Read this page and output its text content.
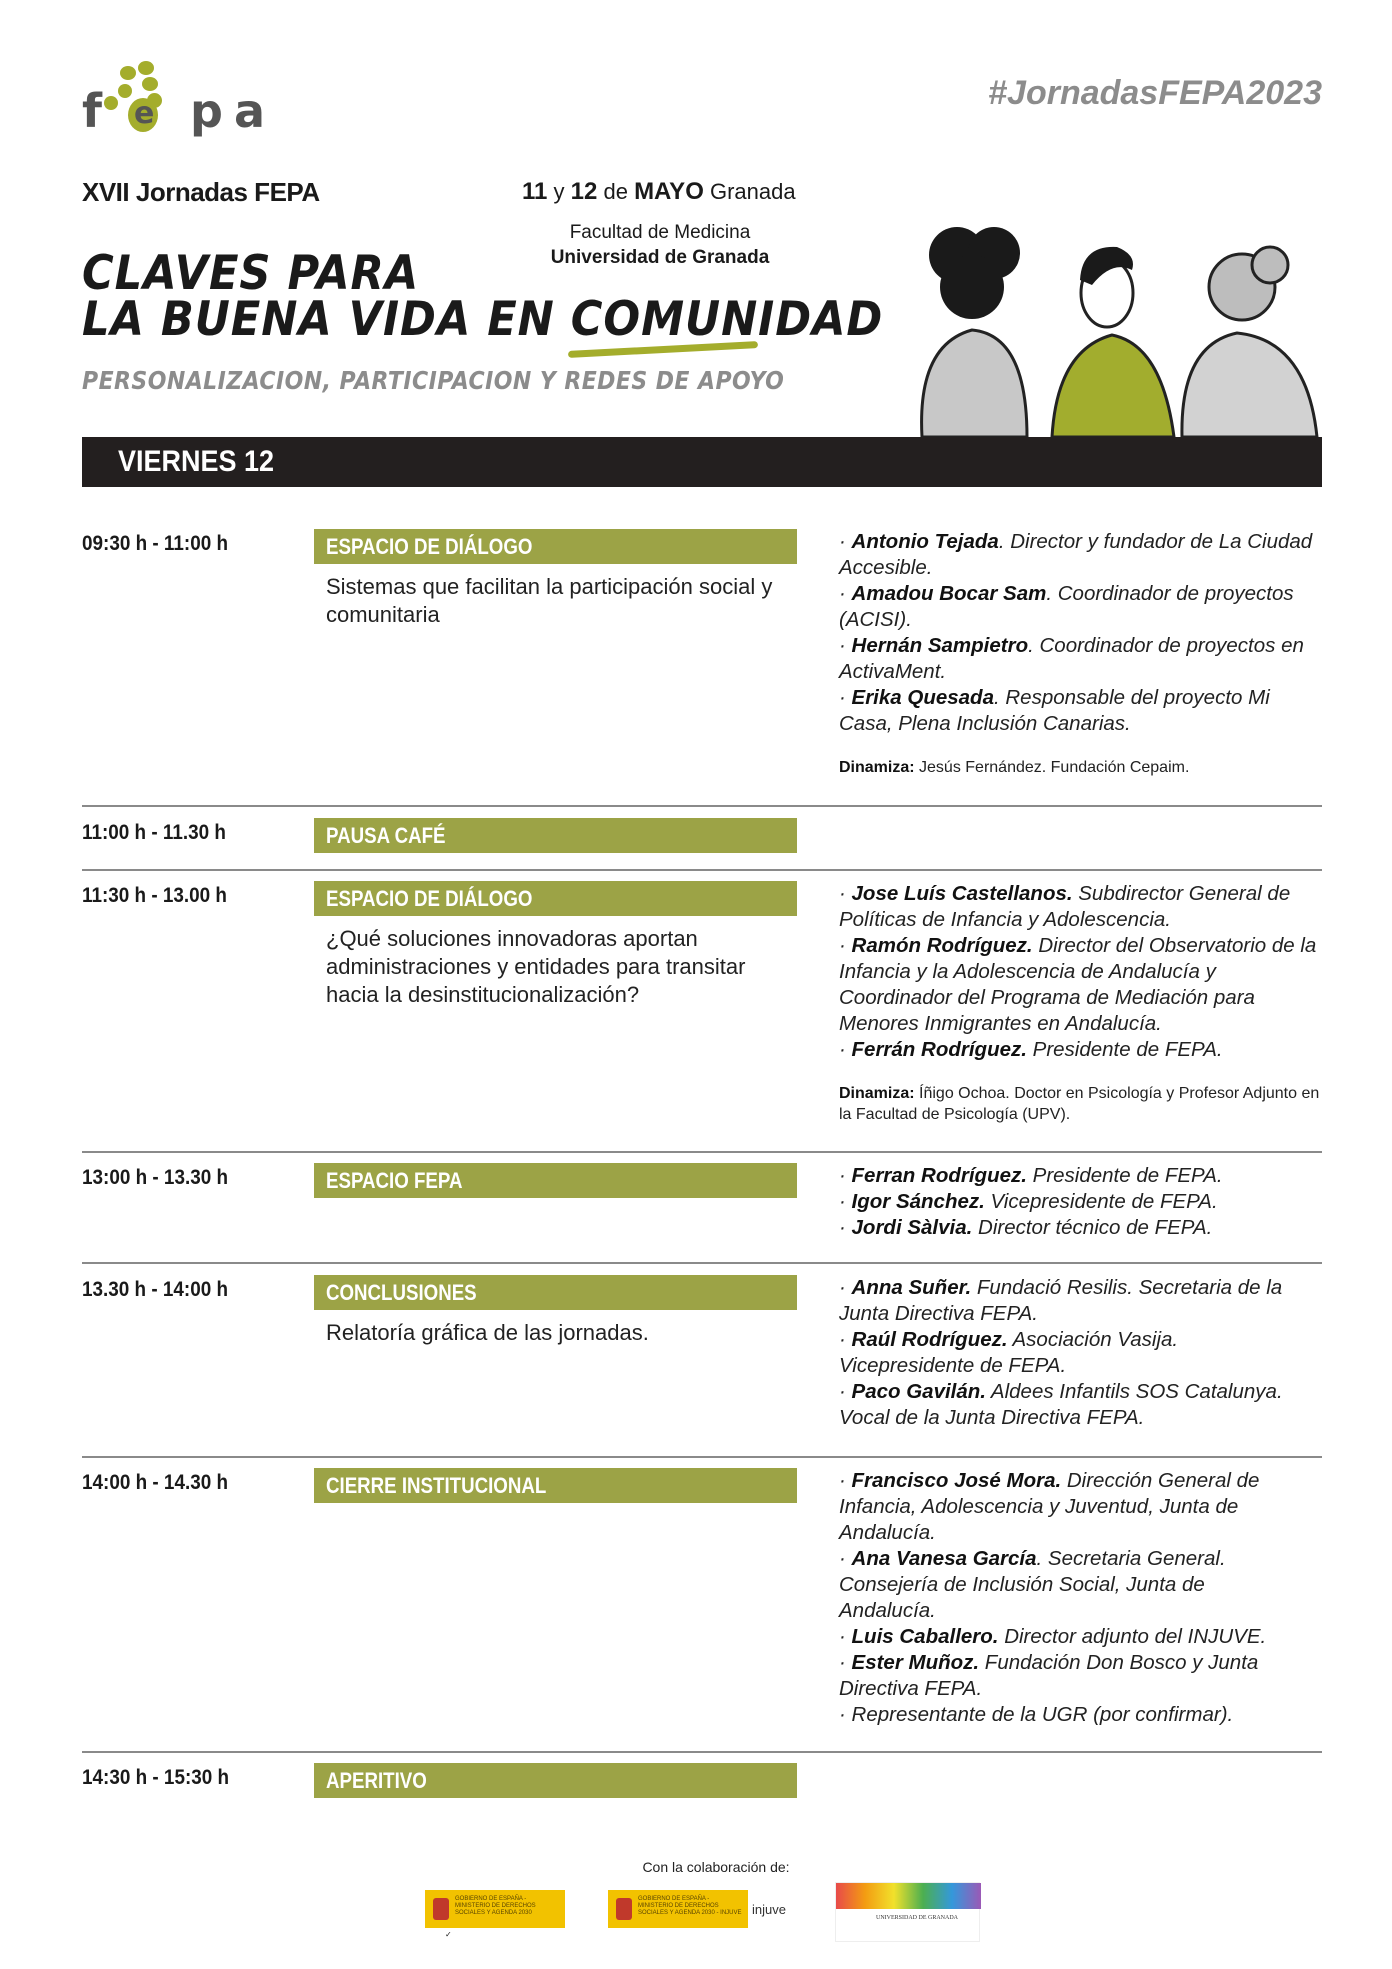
f e p a	#JornadasFEPA2023
XVII Jornadas FEPA	11 y 12 de MAYO Granada
Facultad de Medicina
Universidad de Granada
CLAVES PARA
LA BUENA VIDA EN COMUNIDAD
PERSONALIZACION, PARTICIPACION Y REDES DE APOYO
VIERNES 12
09:30 h - 11:00 h	ESPACIO DE DIÁLOGO
Sistemas que facilitan la participación social y comunitaria
· Antonio Tejada. Director y fundador de La Ciudad Accesible.
· Amadou Bocar Sam. Coordinador de proyectos (ACISI).
· Hernán Sampietro. Coordinador de proyectos en ActivaMent.
· Erika Quesada. Responsable del proyecto Mi Casa, Plena Inclusión Canarias.
Dinamiza: Jesús Fernández. Fundación Cepaim.
11:00 h - 11.30 h	PAUSA CAFÉ
11:30 h - 13.00 h	ESPACIO DE DIÁLOGO
¿Qué soluciones innovadoras aportan administraciones y entidades para transitar hacia la desinstitucionalización?
· Jose Luís Castellanos. Subdirector General de Políticas de Infancia y Adolescencia.
· Ramón Rodríguez. Director del Observatorio de la Infancia y la Adolescencia de Andalucía y Coordinador del Programa de Mediación para Menores Inmigrantes en Andalucía.
· Ferrán Rodríguez. Presidente de FEPA.
Dinamiza: Íñigo Ochoa. Doctor en Psicología y Profesor Adjunto en la Facultad de Psicología (UPV).
13:00 h - 13.30 h	ESPACIO FEPA	· Ferran Rodríguez. Presidente de FEPA.
· Igor Sánchez. Vicepresidente de FEPA.
· Jordi Sàlvia. Director técnico de FEPA.
13.30 h - 14:00 h	CONCLUSIONES
Relatoría gráfica de las jornadas.
· Anna Suñer. Fundació Resilis. Secretaria de la Junta Directiva FEPA.
· Raúl Rodríguez. Asociación Vasija. Vicepresidente de FEPA.
· Paco Gavilán. Aldees Infantils SOS Catalunya. Vocal de la Junta Directiva FEPA.
14:00 h - 14.30 h	CIERRE INSTITUCIONAL	· Francisco José Mora. Dirección General de Infancia, Adolescencia y Juventud, Junta de Andalucía.
· Ana Vanesa García. Secretaria General. Consejería de Inclusión Social, Junta de Andalucía.
· Luis Caballero. Director adjunto del INJUVE.
· Ester Muñoz. Fundación Don Bosco y Junta Directiva FEPA.
· Representante de la UGR (por confirmar).
14:30 h - 15:30 h	APERITIVO
Con la colaboración de:
GOBIERNO DE ESPAÑA - MINISTERIO DE DERECHOS SOCIALES Y AGENDA 2030
✓
GOBIERNO DE ESPAÑA - MINISTERIO DE DERECHOS SOCIALES Y AGENDA 2030 - INJUVE injuve
UNIVERSIDAD DE GRANADA
